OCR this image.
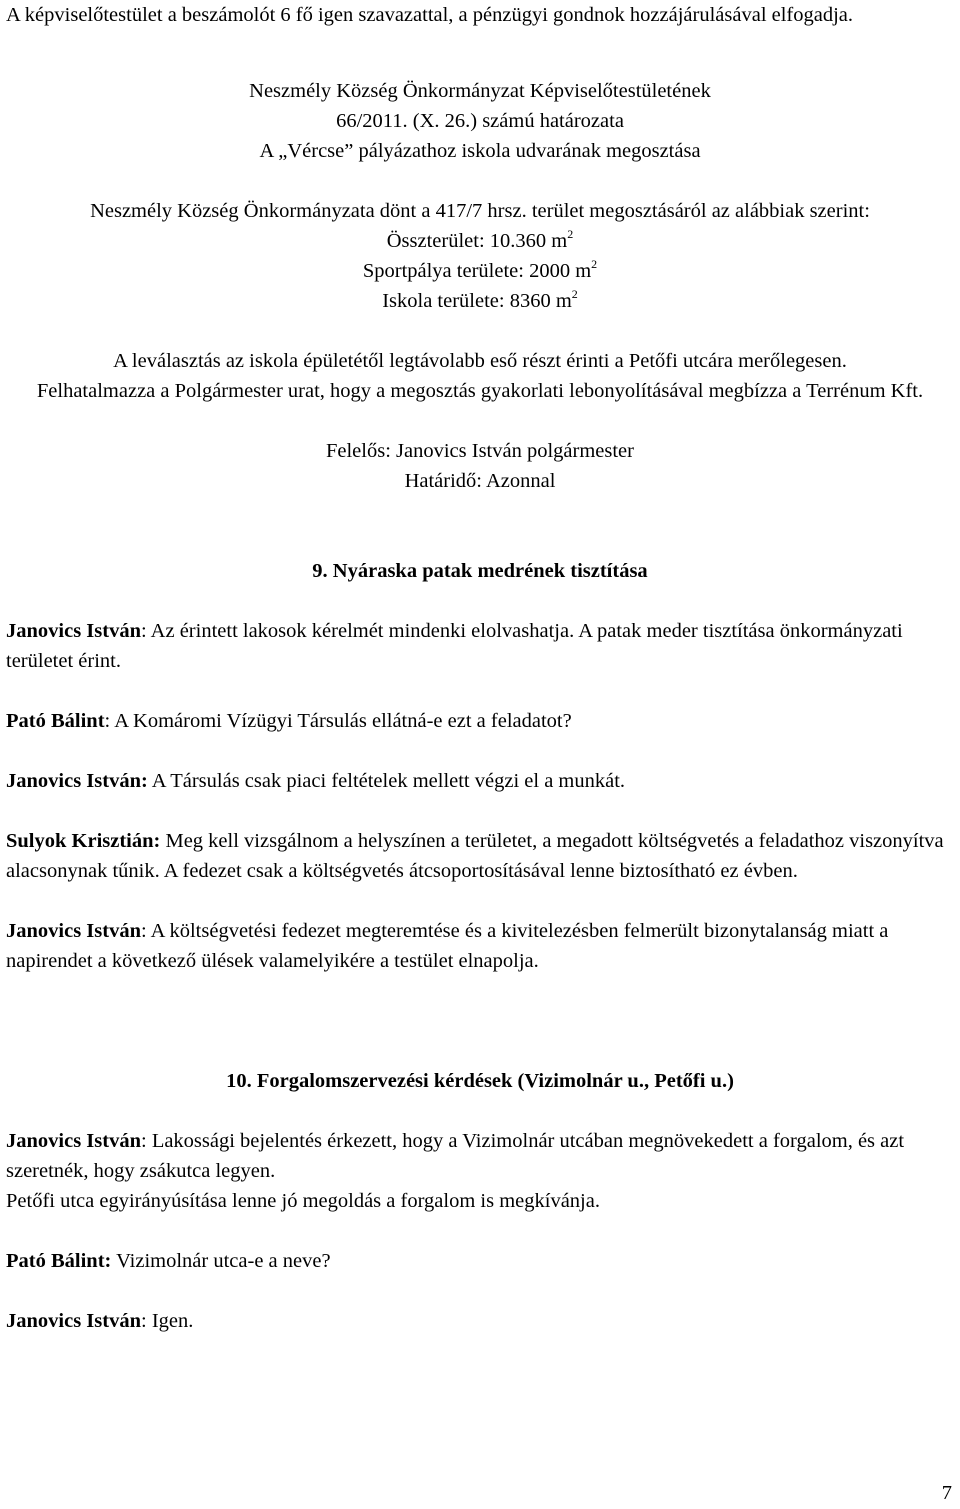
A képviselőtestület a beszámolót 6 fő igen szavazattal, a pénzügyi gondnok hozzájárulásával elfogadja.

Neszmély Község Önkormányzat Képviselőtestületének

66/2011. (X. 26.) számú határozata

A „Vércse” pályázathoz iskola udvarának megosztása

Neszmély Község Önkormányzata dönt a 417/7 hrsz. terület megosztásáról az alábbiak szerint:

Összterület: 10.360 $m^2$

Sportpálya területe: 2000 $m^2$

Iskola területe: 8360 $m^2$

A leválasztás az iskola épületétől legtávolabb eső részt érinti a Petőfi utcára merőlegesen.

Felhatalmazza a Polgármester urat, hogy a megosztás gyakorlati lebonyolításával megbízza a Terrénum Kft.

Felelős: Janovics István polgármester

Határidő: Azonnal

9. Nyáraska patak medrének tisztítása

Janovics István: Az érintett lakosok kérelmét mindenki elolvashatja. A patak meder tisztítása önkormányzati területet érint.

Pató Bálint: A Komáromi Vízügyi Társulás ellátná-e ezt a feladatot?

Janovics István: A Társulás csak piaci feltételek mellett végzi el a munkát.

Sulyok Krisztián: Meg kell vizsgálnom a helyszínen a területet, a megadott költségvetés a feladathoz viszonyítva alacsonynak tűnik. A fedezet csak a költségvetés átcsoportosításával lenne biztosítható ez évben.

Janovics István: A költségvetési fedezet megteremtése és a kivitelezésben felmerült bizonytalanság miatt a napirendet a következő ülések valamelyikére a testület elnapolja.

10. Forgalomszervezési kérdések (Vizimolnár u., Petőfi u.)

Janovics István: Lakossági bejelentés érkezett, hogy a Vizimolnár utcában megnövekedett a forgalom, és azt szeretnék, hogy zsákutca legyen.

Petőfi utca egyirányúsítása lenne jó megoldás a forgalom is megkívánja.

Pató Bálint: Vizimolnár utca-e a neve?

Janovics István: Igen.

7
